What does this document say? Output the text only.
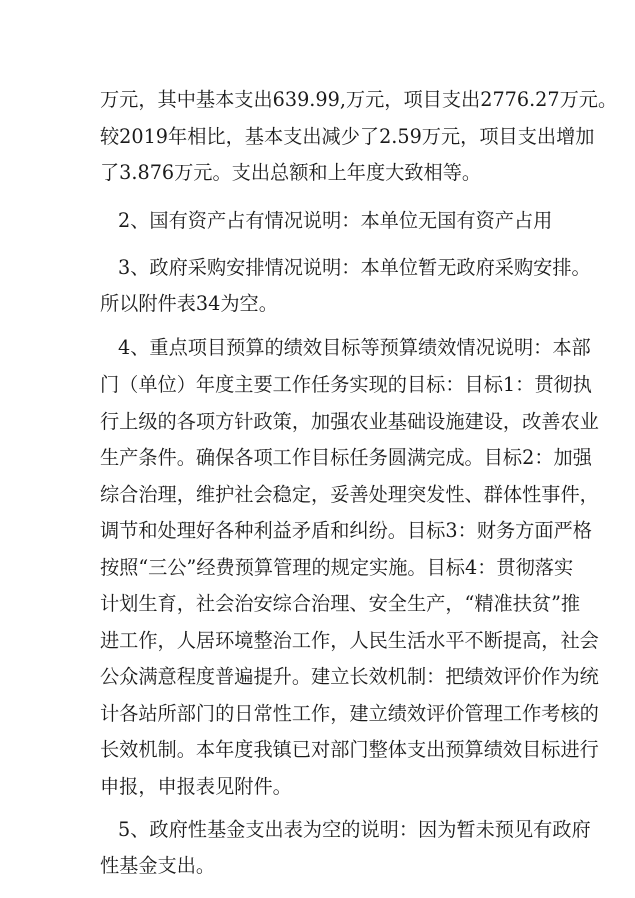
万元，其中基本支出639.99,万元，项目支出2776.27万元。
较2019年相比，基本支出减少了2.59万元，项目支出增加
了3.876万元。支出总额和上年度大致相等。
2、国有资产占有情况说明：本单位无国有资产占用
3、政府采购安排情况说明：本单位暂无政府采购安排。
所以附件表34为空。
4、重点项目预算的绩效目标等预算绩效情况说明：本部
门（单位）年度主要工作任务实现的目标：目标1：贯彻执
行上级的各项方针政策，加强农业基础设施建设，改善农业
生产条件。确保各项工作目标任务圆满完成。目标2：加强
综合治理，维护社会稳定，妥善处理突发性、群体性事件，
调节和处理好各种利益矛盾和纠纷。目标3：财务方面严格
按照“三公”经费预算管理的规定实施。目标4：贯彻落实
计划生育，社会治安综合治理、安全生产，“精准扶贫”推
进工作，人居环境整治工作，人民生活水平不断提高，社会
公众满意程度普遍提升。建立长效机制：把绩效评价作为统
计各站所部门的日常性工作，建立绩效评价管理工作考核的
长效机制。本年度我镇已对部门整体支出预算绩效目标进行
申报，申报表见附件。
5、政府性基金支出表为空的说明：因为暂未预见有政府
性基金支出。
